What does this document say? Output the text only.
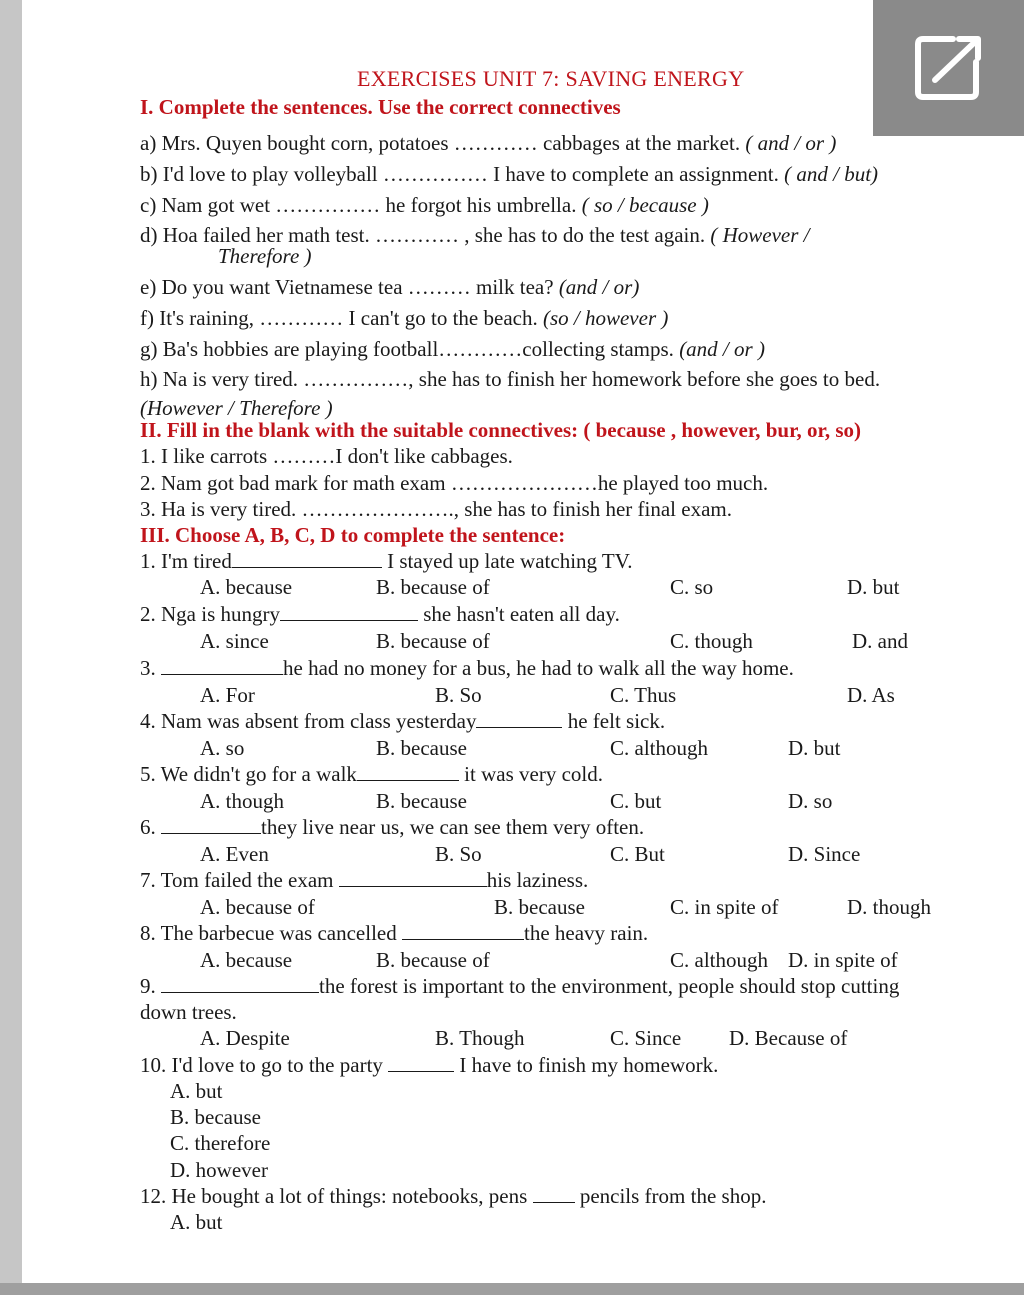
EXERCISES UNIT 7: SAVING ENERGY
I. Complete the sentences. Use the correct connectives
a) Mrs. Quyen bought corn, potatoes ………… cabbages at the market. ( and / or )
b) I'd love to play volleyball …………… I have to complete an assignment. ( and / but)
c) Nam got wet …………… he forgot his umbrella. ( so / because )
d) Hoa failed her math test. ………… , she has to do the test again. ( However /
Therefore )
e) Do you want Vietnamese tea ……… milk tea? (and / or)
f) It's raining, ………… I can't go to the beach. (so / however )
g) Ba's hobbies are playing football…………collecting stamps. (and / or )
h) Na is very tired. ……………, she has to finish her homework before she goes to bed.
(However / Therefore )
II. Fill in the blank with the suitable connectives: ( because , however, bur, or, so)
1. I like carrots ………I don't like cabbages.
2. Nam got bad mark for math exam …………………he played too much.
3. Ha is very tired. …………………., she has to finish her final exam.
III. Choose A, B, C, D to complete the sentence:
1. I'm tired	I stayed up late watching TV.
A. because	B. because of	C. so	D. but
2. Nga is hungry	she hasn't eaten all day.
A. since	B. because of	C. though	D. and
3.	he had no money for a bus, he had to walk all the way home.
A. For	B. So	C. Thus	D. As
4. Nam was absent from class yesterday	he felt sick.
A. so	B. because	C. although	D. but
5. We didn't go for a walk	it was very cold.
A. though	B. because	C. but	D. so
6.	they live near us, we can see them very often.
A. Even	B. So	C. But	D. Since
7. Tom failed the exam	his laziness.
A. because of	B. because	C. in spite of	D. though
8. The barbecue was cancelled	the heavy rain.
A. because	B. because of	C. although D. in spite of
9.	the forest is important to the environment, people should stop cutting
down trees.
A. Despite	B. Though	C. Since D. Because of
10. I'd love to go to the party	I have to finish my homework.
A. but
B. because
C. therefore
D. however
12. He bought a lot of things: notebooks, pens  pencils from the shop.
A. but
